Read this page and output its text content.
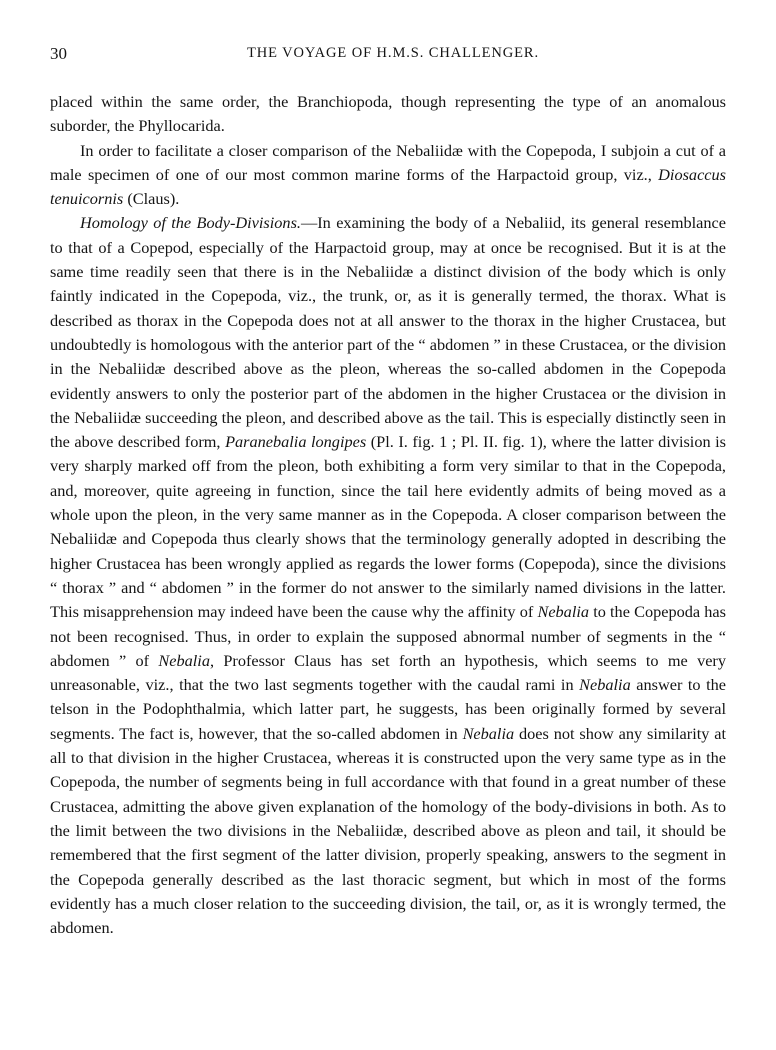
30	THE VOYAGE OF H.M.S. CHALLENGER.

placed within the same order, the Branchiopoda, though representing the type of an anomalous suborder, the Phyllocarida.

In order to facilitate a closer comparison of the Nebaliidæ with the Copepoda, I subjoin a cut of a male specimen of one of our most common marine forms of the Harpactoid group, viz., Diosaccus tenuicornis (Claus).

Homology of the Body-Divisions.—In examining the body of a Nebaliid, its general resemblance to that of a Copepod, especially of the Harpactoid group, may at once be recognised. But it is at the same time readily seen that there is in the Nebaliidæ a distinct division of the body which is only faintly indicated in the Copepoda, viz., the trunk, or, as it is generally termed, the thorax. What is described as thorax in the Copepoda does not at all answer to the thorax in the higher Crustacea, but undoubtedly is homologous with the anterior part of the “ abdomen ” in these Crustacea, or the division in the Nebaliidæ described above as the pleon, whereas the so-called abdomen in the Copepoda evidently answers to only the posterior part of the abdomen in the higher Crustacea or the division in the Nebaliidæ succeeding the pleon, and described above as the tail. This is especially distinctly seen in the above described form, Paranebalia longipes (Pl. I. fig. 1 ; Pl. II. fig. 1), where the latter division is very sharply marked off from the pleon, both exhibiting a form very similar to that in the Copepoda, and, moreover, quite agreeing in function, since the tail here evidently admits of being moved as a whole upon the pleon, in the very same manner as in the Copepoda. A closer comparison between the Nebaliidæ and Copepoda thus clearly shows that the terminology generally adopted in describing the higher Crustacea has been wrongly applied as regards the lower forms (Copepoda), since the divisions “ thorax ” and “ abdomen ” in the former do not answer to the similarly named divisions in the latter. This misapprehension may indeed have been the cause why the affinity of Nebalia to the Copepoda has not been recognised. Thus, in order to explain the supposed abnormal number of segments in the “ abdomen ” of Nebalia, Professor Claus has set forth an hypothesis, which seems to me very unreasonable, viz., that the two last segments together with the caudal rami in Nebalia answer to the telson in the Podophthalmia, which latter part, he suggests, has been originally formed by several segments. The fact is, however, that the so-called abdomen in Nebalia does not show any similarity at all to that division in the higher Crustacea, whereas it is constructed upon the very same type as in the Copepoda, the number of segments being in full accordance with that found in a great number of these Crustacea, admitting the above given explanation of the homology of the body-divisions in both. As to the limit between the two divisions in the Nebaliidæ, described above as pleon and tail, it should be remembered that the first segment of the latter division, properly speaking, answers to the segment in the Copepoda generally described as the last thoracic segment, but which in most of the forms evidently has a much closer relation to the succeeding division, the tail, or, as it is wrongly termed, the abdomen.
